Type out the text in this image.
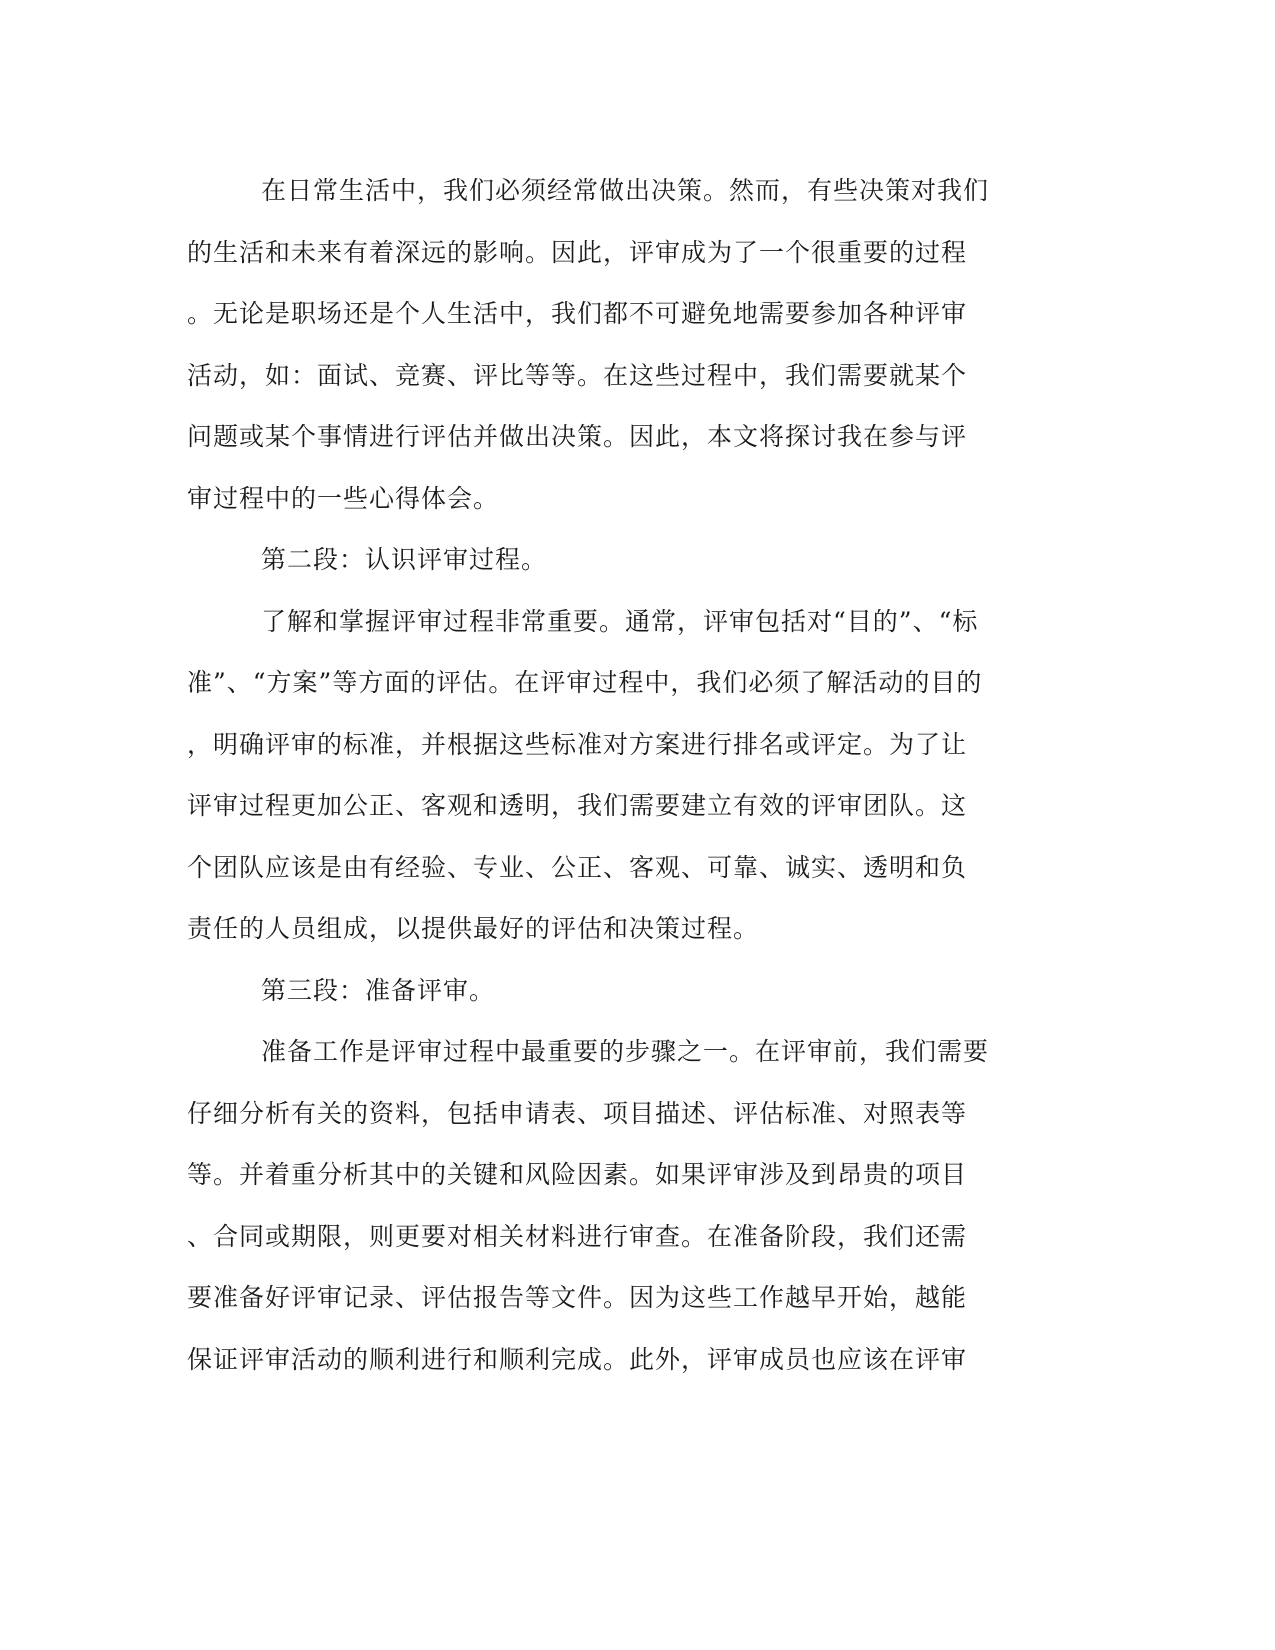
在日常生活中，我们必须经常做出决策。然而，有些决策对我们
的生活和未来有着深远的影响。因此，评审成为了一个很重要的过程
。无论是职场还是个人生活中，我们都不可避免地需要参加各种评审
活动，如：面试、竞赛、评比等等。在这些过程中，我们需要就某个
问题或某个事情进行评估并做出决策。因此，本文将探讨我在参与评
审过程中的一些心得体会。
第二段：认识评审过程。
了解和掌握评审过程非常重要。通常，评审包括对“目的”、“标
准”、“方案”等方面的评估。在评审过程中，我们必须了解活动的目的
，明确评审的标准，并根据这些标准对方案进行排名或评定。为了让
评审过程更加公正、客观和透明，我们需要建立有效的评审团队。这
个团队应该是由有经验、专业、公正、客观、可靠、诚实、透明和负
责任的人员组成，以提供最好的评估和决策过程。
第三段：准备评审。
准备工作是评审过程中最重要的步骤之一。在评审前，我们需要
仔细分析有关的资料，包括申请表、项目描述、评估标准、对照表等
等。并着重分析其中的关键和风险因素。如果评审涉及到昂贵的项目
、合同或期限，则更要对相关材料进行审查。在准备阶段，我们还需
要准备好评审记录、评估报告等文件。因为这些工作越早开始，越能
保证评审活动的顺利进行和顺利完成。此外，评审成员也应该在评审
